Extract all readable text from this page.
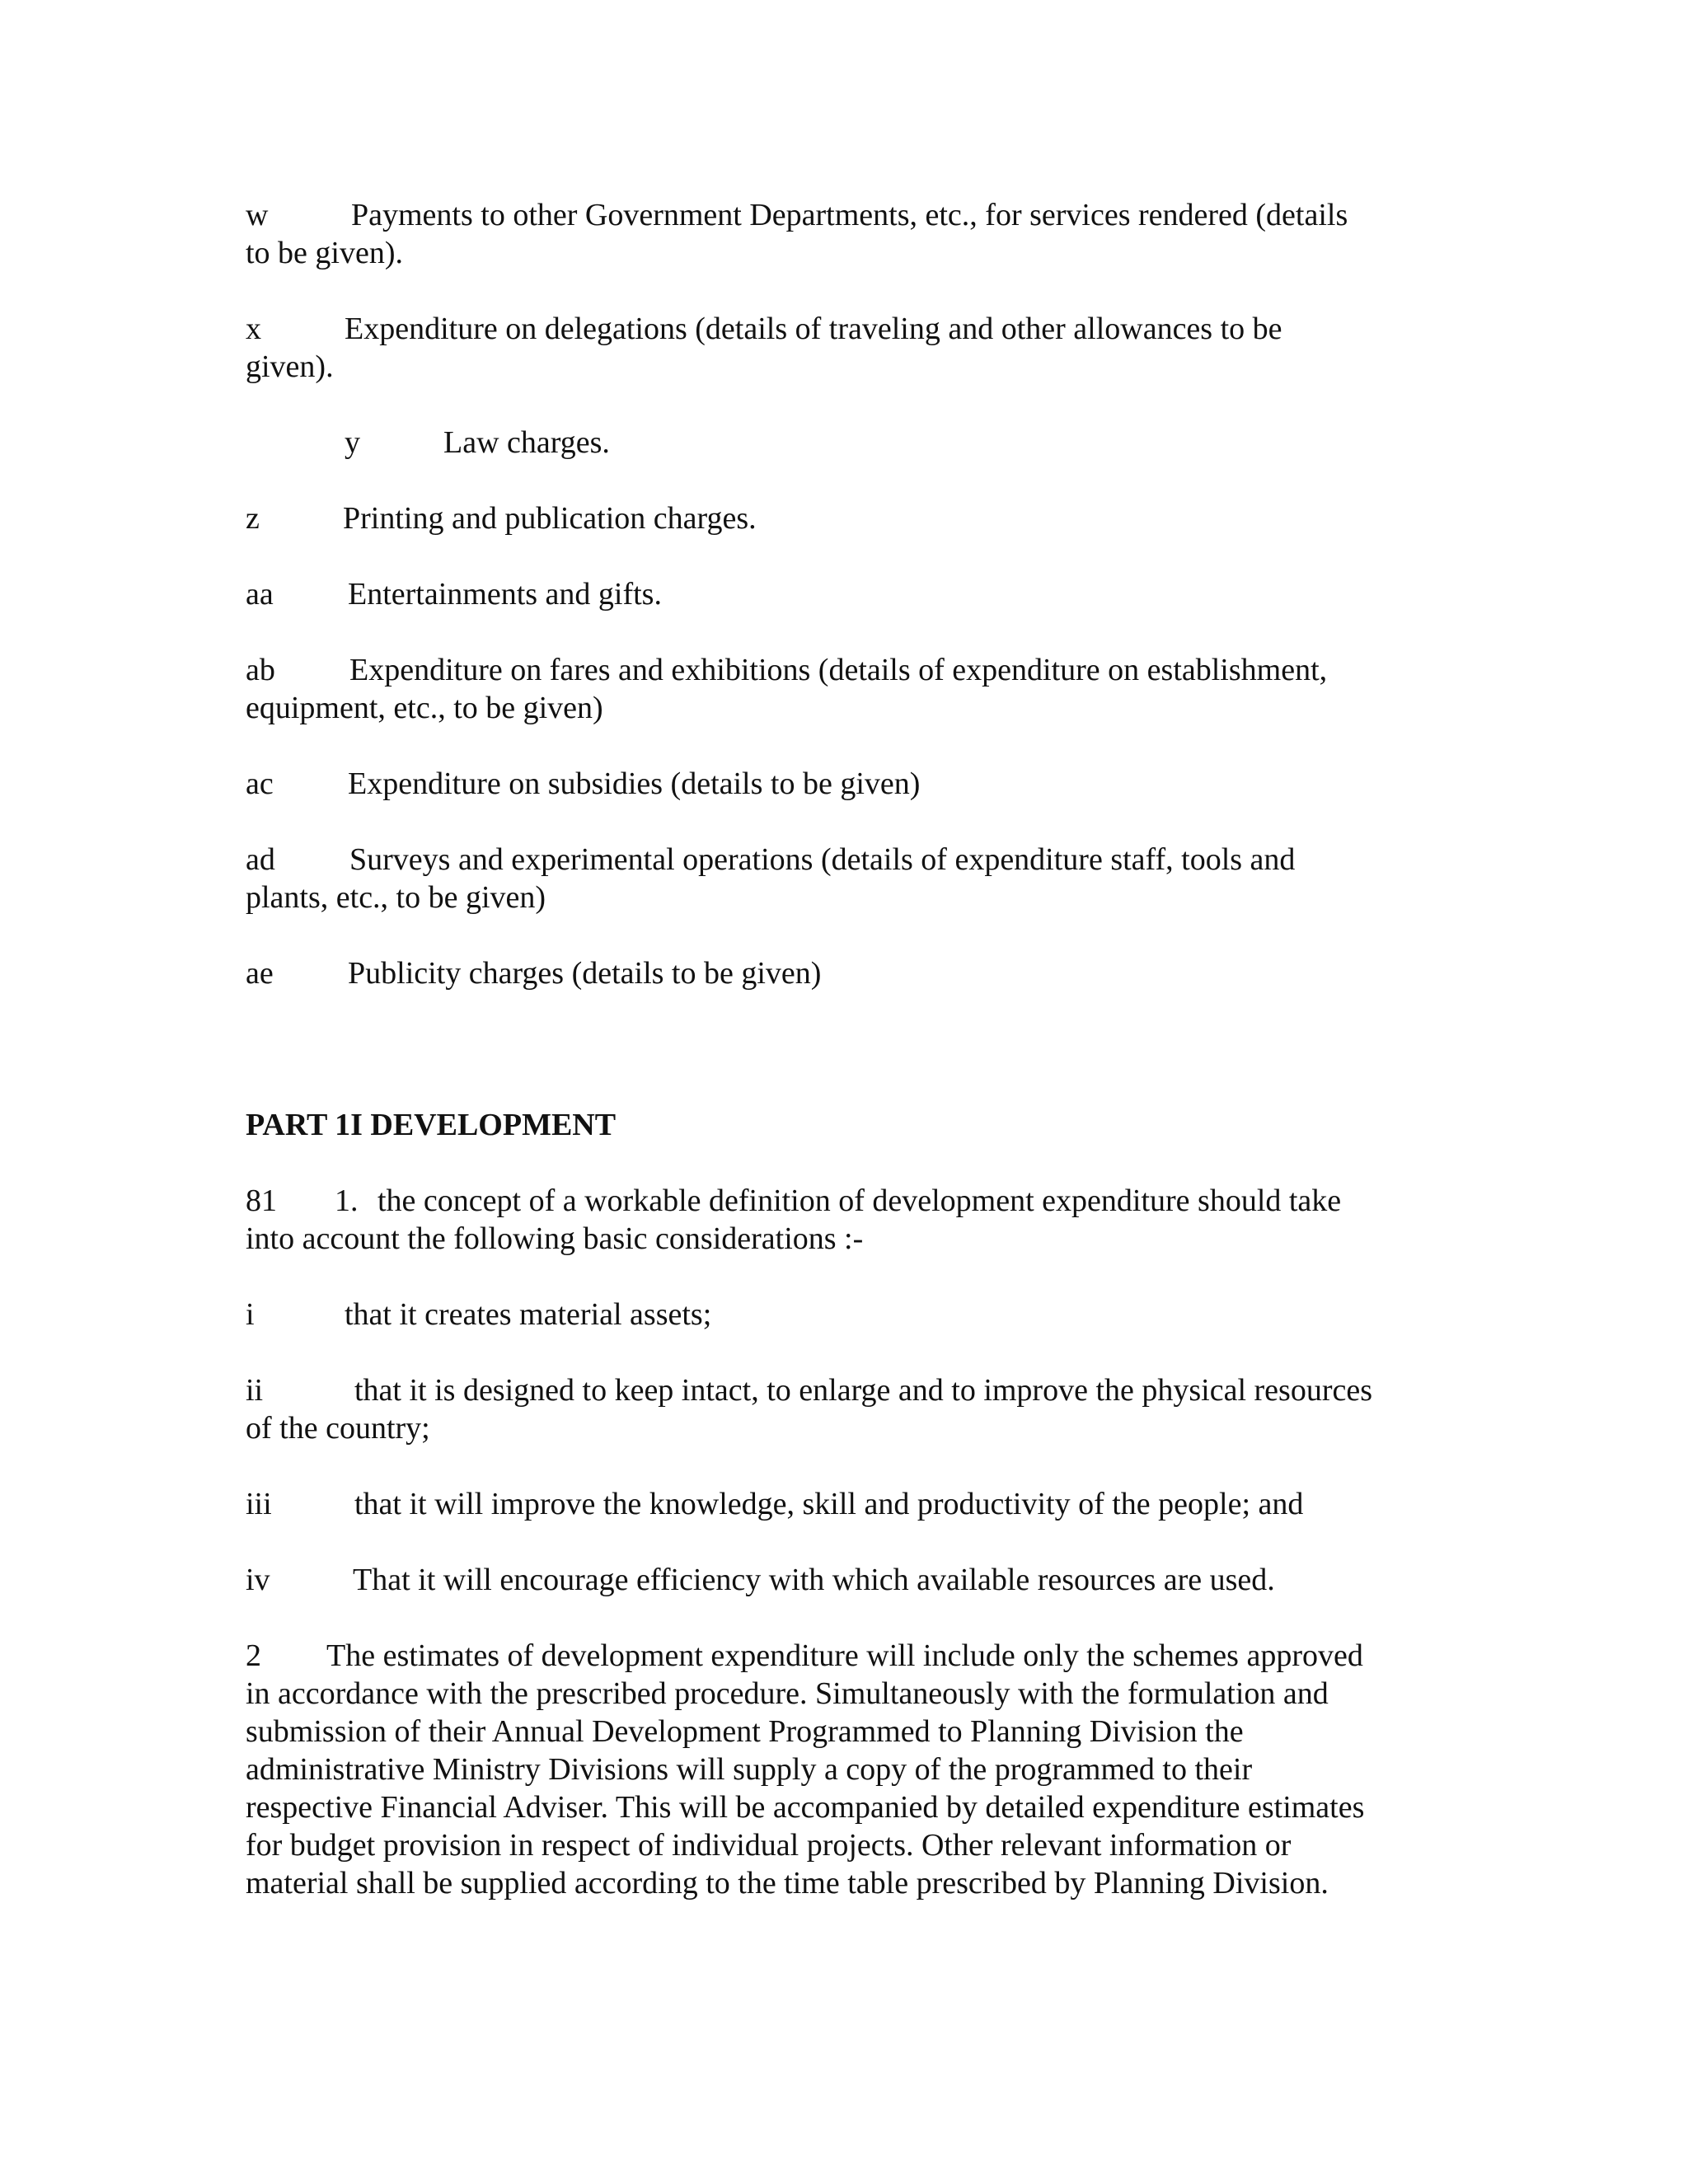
w	Payments to other Government Departments, etc., for services rendered (details
to be given).
x	Expenditure on delegations (details of traveling and other allowances to be
given).
y	Law charges.
z	Printing and publication charges.
aa Entertainments and gifts.
ab Expenditure on fares and exhibitions (details of expenditure on establishment,
equipment, etc., to be given)
ac Expenditure on subsidies (details to be given)
ad Surveys and experimental operations (details of expenditure staff, tools and
plants, etc., to be given)
ae Publicity charges (details to be given)
PART 1I DEVELOPMENT
81 1. the concept of a workable definition of development expenditure should take
into account the following basic considerations :-
i	that it creates material assets;
ii	that it is designed to keep intact, to enlarge and to improve the physical resources
of the country;
iii	that it will improve the knowledge, skill and productivity of the people; and
iv	That it will encourage efficiency with which available resources are used.
2 The estimates of development expenditure will include only the schemes approved
in accordance with the prescribed procedure. Simultaneously with the formulation and
submission of their Annual Development Programmed to Planning Division the
administrative Ministry Divisions will supply a copy of the programmed to their
respective Financial Adviser. This will be accompanied by detailed expenditure estimates
for budget provision in respect of individual projects. Other relevant information or
material shall be supplied according to the time table prescribed by Planning Division.
